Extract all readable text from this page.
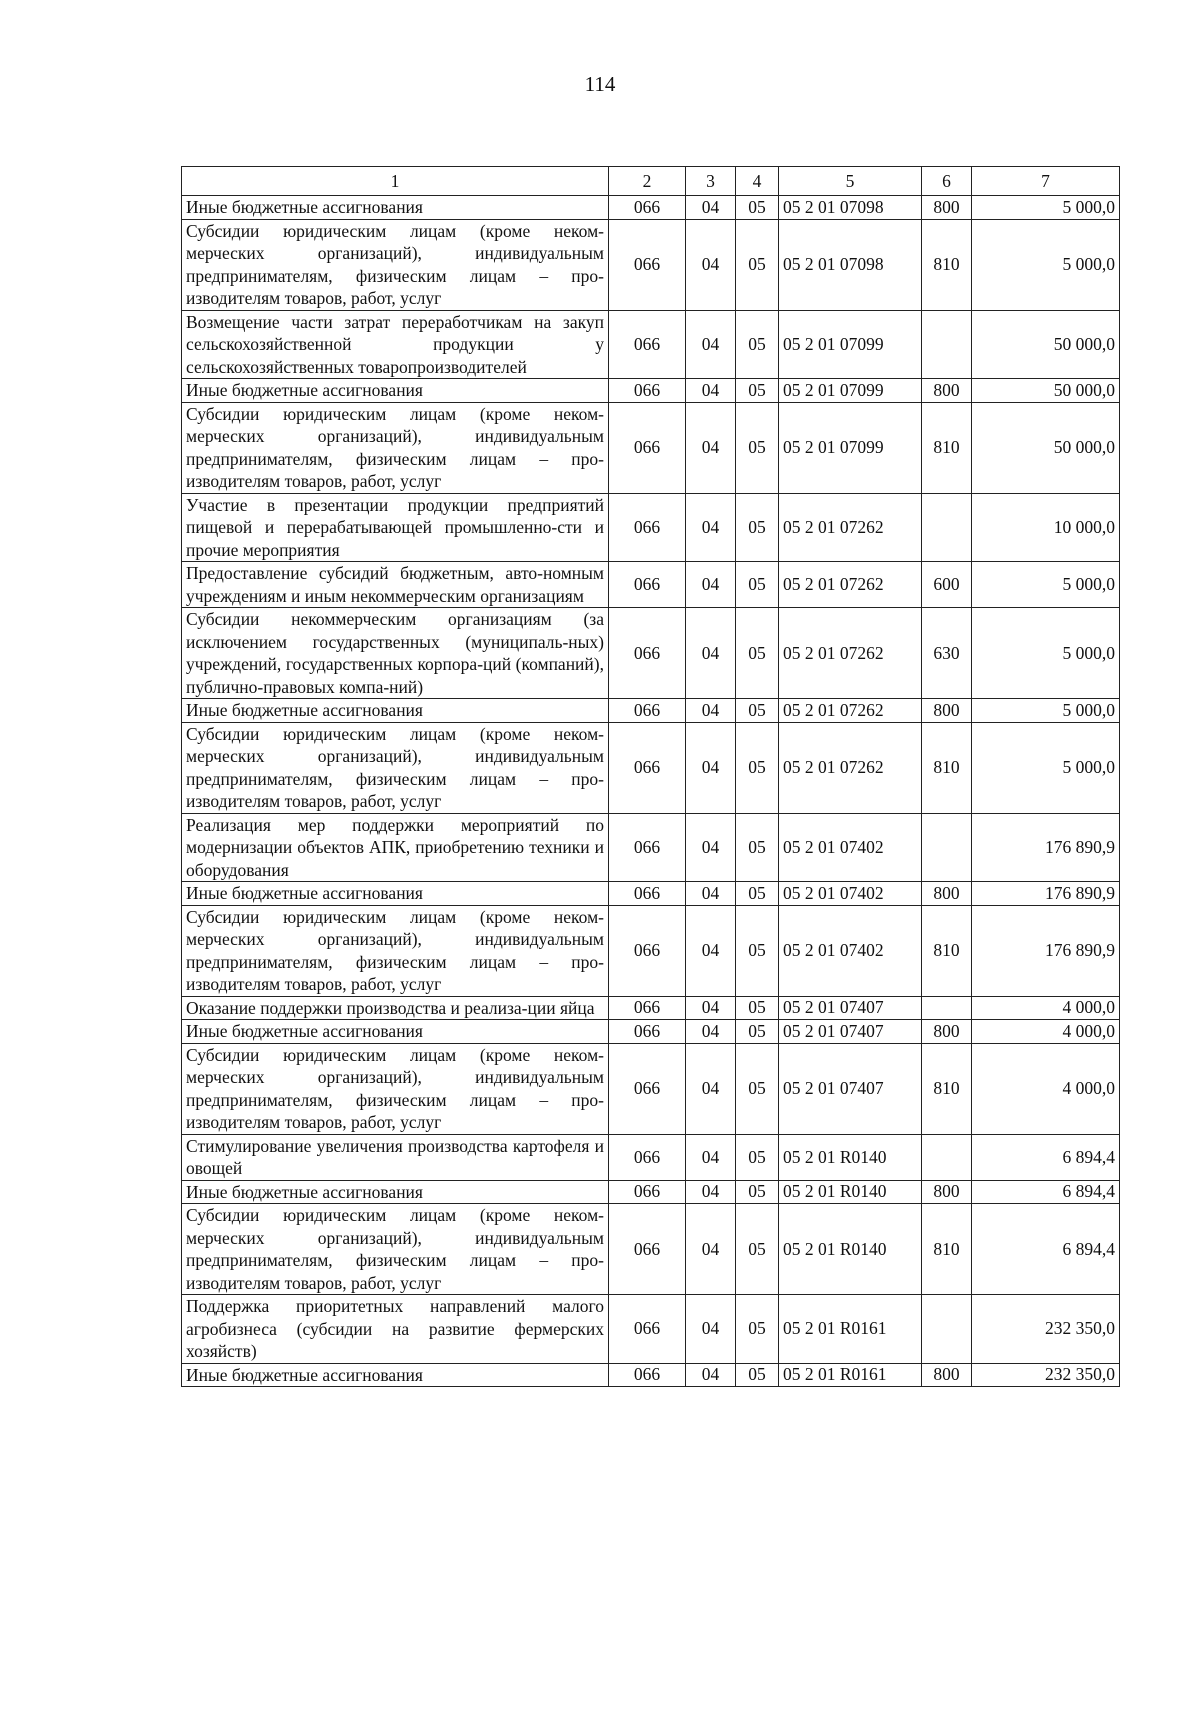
114
1	2	3	4	5	6	7
Иные бюджетные ассигнования	066	04	05	05 2 01 07098	800	5 000,0
Субсидии юридическим лицам (кроме неком-мерческих организаций), индивидуальным предпринимателям, физическим лицам – про-изводителям товаров, работ, услуг	066	04	05	05 2 01 07098	810	5 000,0
Возмещение части затрат переработчикам на закуп сельскохозяйственной продукции у сельскохозяйственных товаропроизводителей	066	04	05	05 2 01 07099		50 000,0
Иные бюджетные ассигнования	066	04	05	05 2 01 07099	800	50 000,0
Субсидии юридическим лицам (кроме неком-мерческих организаций), индивидуальным предпринимателям, физическим лицам – про-изводителям товаров, работ, услуг	066	04	05	05 2 01 07099	810	50 000,0
Участие в презентации продукции предприятий пищевой и перерабатывающей промышленно-сти и прочие мероприятия	066	04	05	05 2 01 07262		10 000,0
Предоставление субсидий бюджетным, авто-номным учреждениям и иным некоммерческим организациям	066	04	05	05 2 01 07262	600	5 000,0
Субсидии некоммерческим организациям (за исключением государственных (муниципаль-ных) учреждений, государственных корпора-ций (компаний), публично-правовых компа-ний)	066	04	05	05 2 01 07262	630	5 000,0
Иные бюджетные ассигнования	066	04	05	05 2 01 07262	800	5 000,0
Субсидии юридическим лицам (кроме неком-мерческих организаций), индивидуальным предпринимателям, физическим лицам – про-изводителям товаров, работ, услуг	066	04	05	05 2 01 07262	810	5 000,0
Реализация мер поддержки мероприятий по модернизации объектов АПК, приобретению техники и оборудования	066	04	05	05 2 01 07402		176 890,9
Иные бюджетные ассигнования	066	04	05	05 2 01 07402	800	176 890,9
Субсидии юридическим лицам (кроме неком-мерческих организаций), индивидуальным предпринимателям, физическим лицам – про-изводителям товаров, работ, услуг	066	04	05	05 2 01 07402	810	176 890,9
Оказание поддержки производства и реализа-ции яйца	066	04	05	05 2 01 07407		4 000,0
Иные бюджетные ассигнования	066	04	05	05 2 01 07407	800	4 000,0
Субсидии юридическим лицам (кроме неком-мерческих организаций), индивидуальным предпринимателям, физическим лицам – про-изводителям товаров, работ, услуг	066	04	05	05 2 01 07407	810	4 000,0
Стимулирование увеличения производства картофеля и овощей	066	04	05	05 2 01 R0140		6 894,4
Иные бюджетные ассигнования	066	04	05	05 2 01 R0140	800	6 894,4
Субсидии юридическим лицам (кроме неком-мерческих организаций), индивидуальным предпринимателям, физическим лицам – про-изводителям товаров, работ, услуг	066	04	05	05 2 01 R0140	810	6 894,4
Поддержка приоритетных направлений малого агробизнеса (субсидии на развитие фермерских хозяйств)	066	04	05	05 2 01 R0161		232 350,0
Иные бюджетные ассигнования	066	04	05	05 2 01 R0161	800	232 350,0
